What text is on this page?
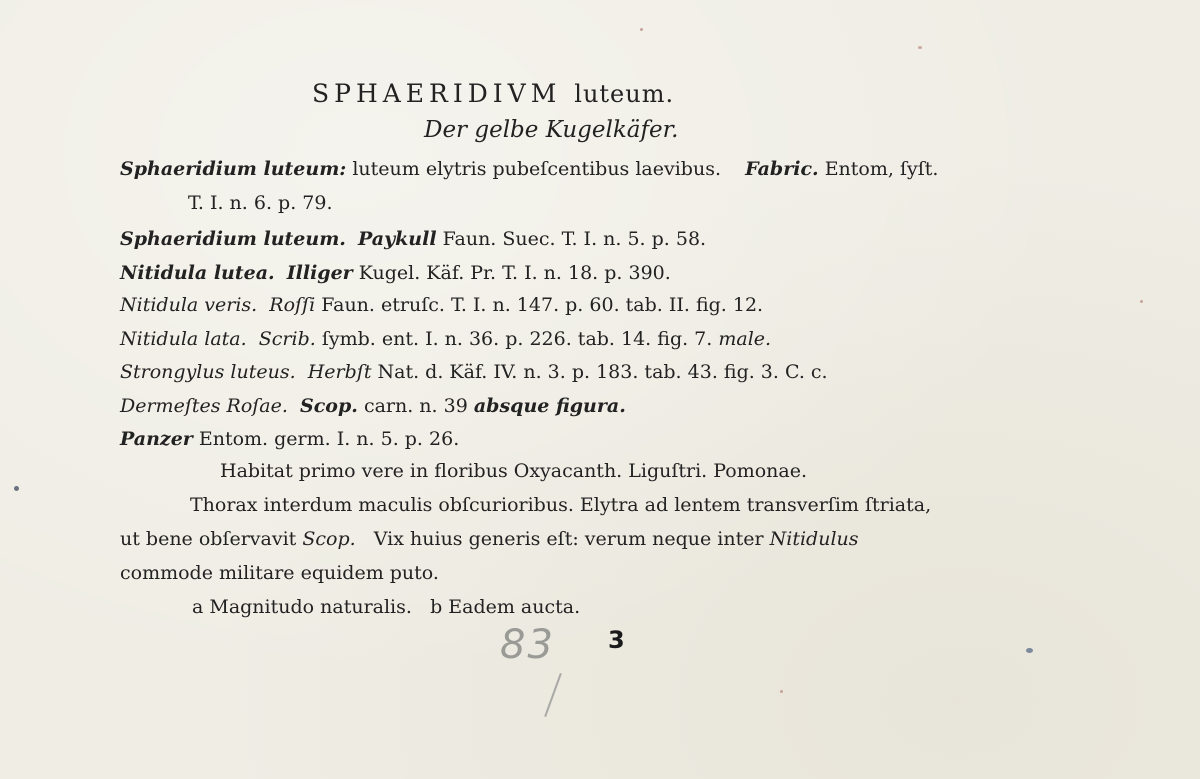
SPHAERIDIVM luteum.
Der gelbe Kugelkäfer.
Sphaeridium luteum: luteum elytris pubeſcentibus laevibus. Fabric. Entom, ſyſt.
T. I. n. 6. p. 79.
Sphaeridium luteum. Paykull Faun. Suec. T. I. n. 5. p. 58.
Nitidula lutea. Illiger Kugel. Käf. Pr. T. I. n. 18. p. 390.
Nitidula veris. Roſſi Faun. etruſc. T. I. n. 147. p. 60. tab. II. fig. 12.
Nitidula lata. Scrib. ſymb. ent. I. n. 36. p. 226. tab. 14. fig. 7. male.
Strongylus luteus. Herbſt Nat. d. Käf. IV. n. 3. p. 183. tab. 43. fig. 3. C. c.
Dermeſtes Roſae. Scop. carn. n. 39 absque figura.
Panzer Entom. germ. I. n. 5. p. 26.
Habitat primo vere in floribus Oxyacanth. Liguſtri. Pomonae.
Thorax interdum maculis obſcurioribus. Elytra ad lentem transverſim ſtriata,
ut bene obſervavit Scop. Vix huius generis eſt: verum neque inter Nitidulus
commode militare equidem puto.
a Magnitudo naturalis. b Eadem aucta.
83 3
